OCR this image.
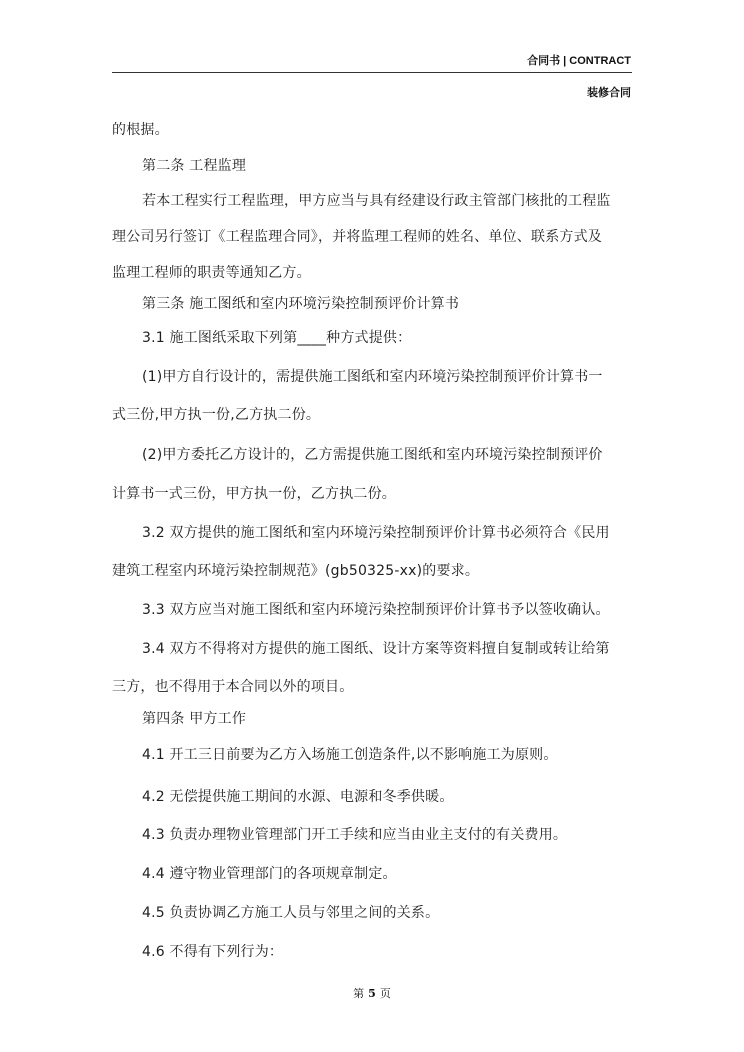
合同书 | CONTRACT
装修合同
的根据。
第二条 工程监理
若本工程实行工程监理，甲方应当与具有经建设行政主管部门核批的工程监
理公司另行签订《工程监理合同》，并将监理工程师的姓名、单位、联系方式及
监理工程师的职责等通知乙方。
第三条 施工图纸和室内环境污染控制预评价计算书
3.1 施工图纸采取下列第____种方式提供：
(1)甲方自行设计的，需提供施工图纸和室内环境污染控制预评价计算书一
式三份,甲方执一份,乙方执二份。
(2)甲方委托乙方设计的，乙方需提供施工图纸和室内环境污染控制预评价
计算书一式三份，甲方执一份，乙方执二份。
3.2 双方提供的施工图纸和室内环境污染控制预评价计算书必须符合《民用
建筑工程室内环境污染控制规范》(gb50325-xx)的要求。
3.3 双方应当对施工图纸和室内环境污染控制预评价计算书予以签收确认。
3.4 双方不得将对方提供的施工图纸、设计方案等资料擅自复制或转让给第
三方，也不得用于本合同以外的项目。
第四条 甲方工作
4.1 开工三日前要为乙方入场施工创造条件,以不影响施工为原则。
4.2 无偿提供施工期间的水源、电源和冬季供暖。
4.3 负责办理物业管理部门开工手续和应当由业主支付的有关费用。
4.4 遵守物业管理部门的各项规章制定。
4.5 负责协调乙方施工人员与邻里之间的关系。
4.6 不得有下列行为：
第 5 页
